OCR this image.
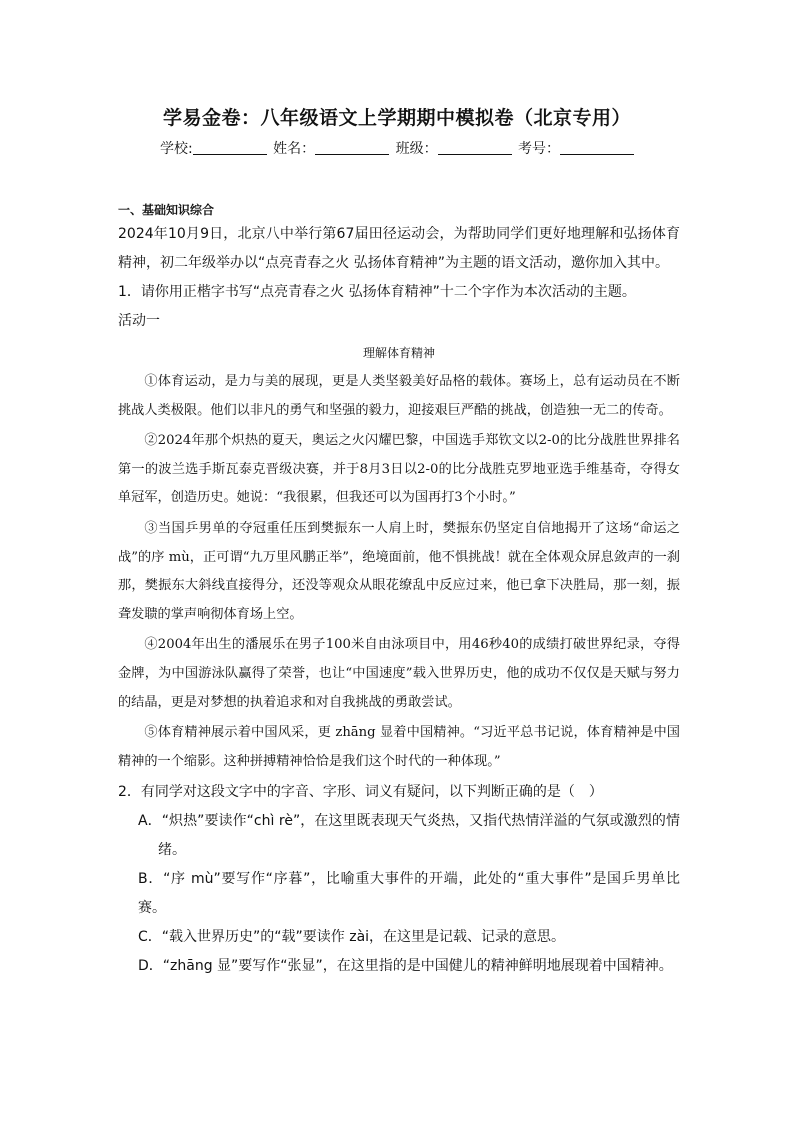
学易金卷：八年级语文上学期期中模拟卷（北京专用）
学校:	姓名：	班级：	考号：
一、基础知识综合

2024年10月9日，北京八中举行第67届田径运动会，为帮助同学们更好地理解和弘扬体育精神，初二年级举办以“点亮青春之火 弘扬体育精神”为主题的语文活动，邀你加入其中。

1．请你用正楷字书写“点亮青春之火 弘扬体育精神”十二个字作为本次活动的主题。

活动一

理解体育精神

①体育运动，是力与美的展现，更是人类坚毅美好品格的载体。赛场上，总有运动员在不断挑战人类极限。他们以非凡的勇气和坚强的毅力，迎接艰巨严酷的挑战，创造独一无二的传奇。

②2024年那个炽热的夏天，奥运之火闪耀巴黎，中国选手郑钦文以2-0的比分战胜世界排名第一的波兰选手斯瓦泰克晋级决赛，并于8月3日以2-0的比分战胜克罗地亚选手维基奇，夺得女单冠军，创造历史。她说：“我很累，但我还可以为国再打3个小时。”

③当国乒男单的夺冠重任压到樊振东一人肩上时，樊振东仍坚定自信地揭开了这场“命运之战”的序 mù，正可谓“九万里风鹏正举”，绝境面前，他不惧挑战！就在全体观众屏息敛声的一刹那，樊振东大斜线直接得分，还没等观众从眼花缭乱中反应过来，他已拿下决胜局，那一刻，振聋发聩的掌声响彻体育场上空。

④2004年出生的潘展乐在男子100米自由泳项目中，用46秒40的成绩打破世界纪录，夺得金牌，为中国游泳队赢得了荣誉，也让“中国速度”载入世界历史，他的成功不仅仅是天赋与努力的结晶，更是对梦想的执着追求和对自我挑战的勇敢尝试。

⑤体育精神展示着中国风采，更 zhāng 显着中国精神。“习近平总书记说，体育精神是中国精神的一个缩影。这种拼搏精神恰恰是我们这个时代的一种体现。”

2．有同学对这段文字中的字音、字形、词义有疑问，以下判断正确的是（　）

A．“炽热”要读作“chì rè”，在这里既表现天气炎热，又指代热情洋溢的气氛或激烈的情绪。

B．“序 mù”要写作“序暮”，比喻重大事件的开端，此处的“重大事件”是国乒男单比赛。

C．“载入世界历史”的“载”要读作 zài，在这里是记载、记录的意思。

D．“zhāng 显”要写作“张显”，在这里指的是中国健儿的精神鲜明地展现着中国精神。
